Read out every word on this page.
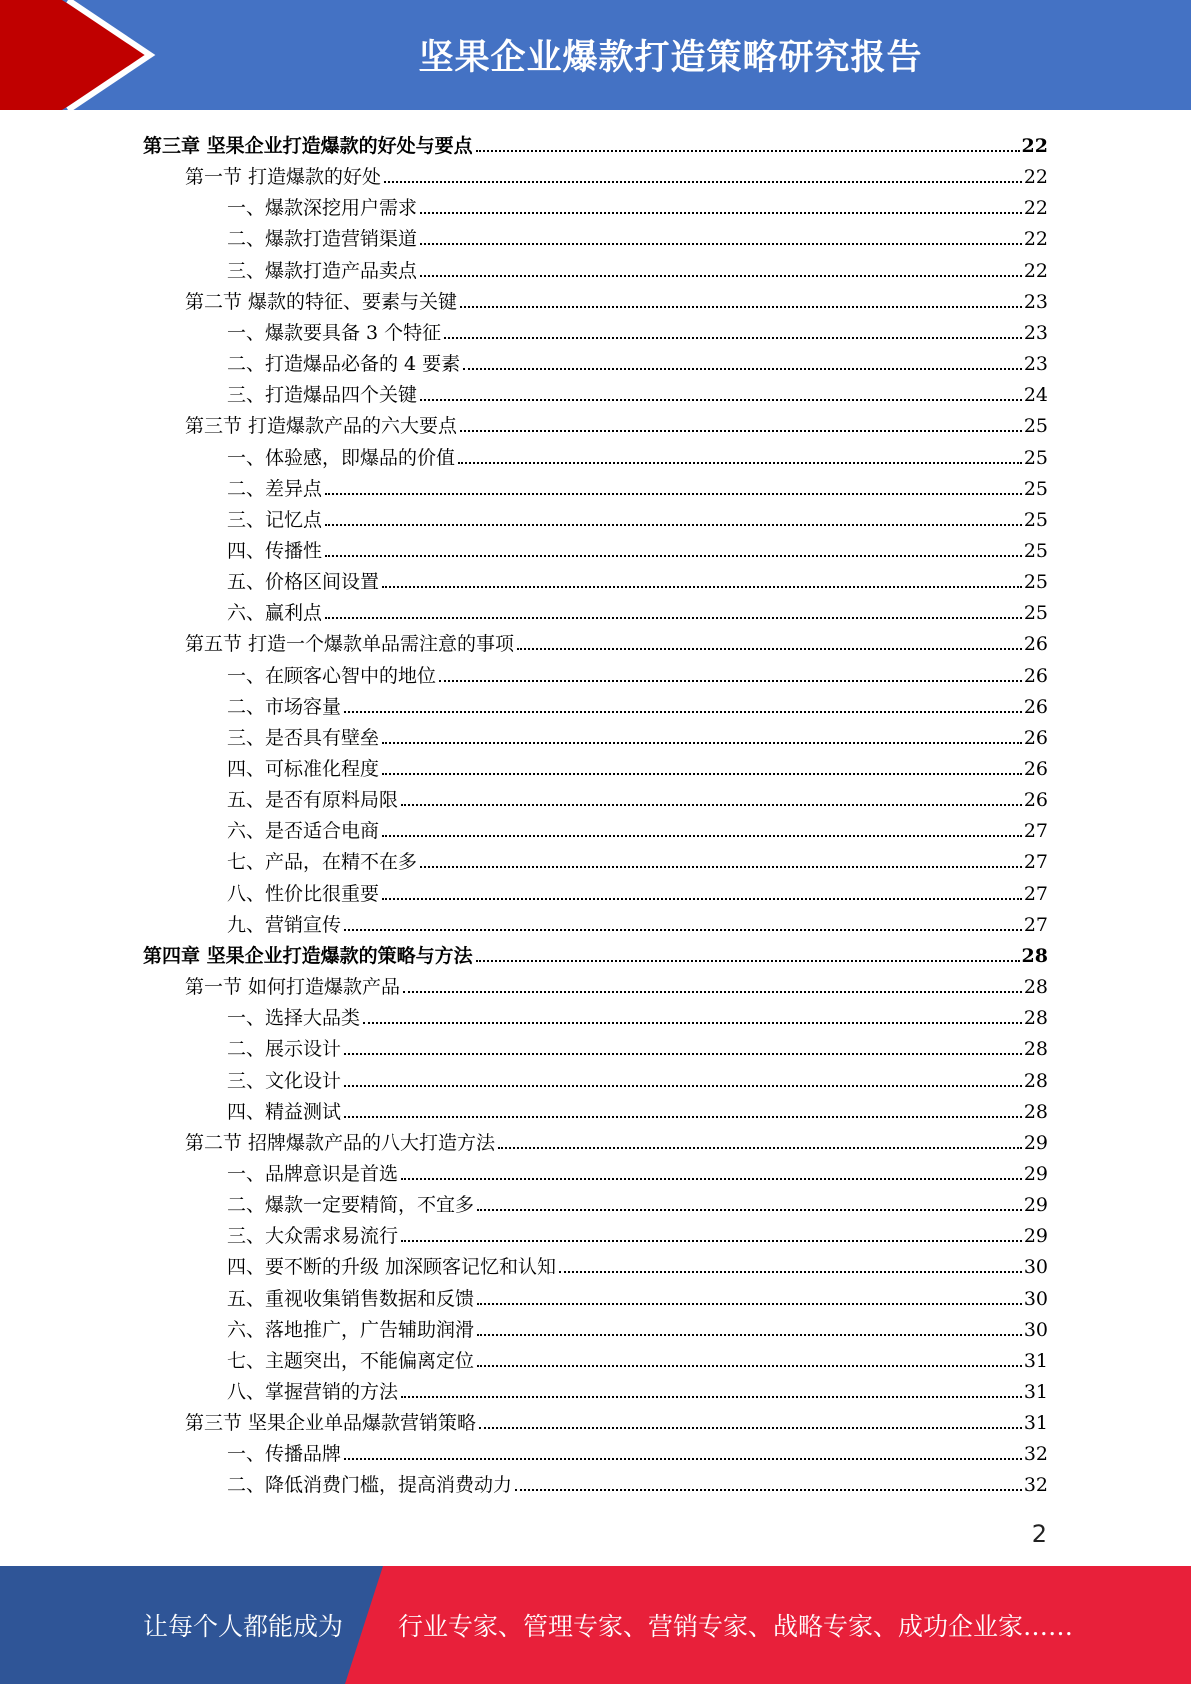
坚果企业爆款打造策略研究报告
第三章 坚果企业打造爆款的好处与要点	22
第一节 打造爆款的好处	22
一、爆款深挖用户需求	22
二、爆款打造营销渠道	22
三、爆款打造产品卖点	22
第二节 爆款的特征、要素与关键	23
一、爆款要具备 3 个特征	23
二、打造爆品必备的 4 要素	23
三、打造爆品四个关键	24
第三节 打造爆款产品的六大要点	25
一、体验感，即爆品的价值	25
二、差异点	25
三、记忆点	25
四、传播性	25
五、价格区间设置	25
六、赢利点	25
第五节 打造一个爆款单品需注意的事项	26
一、在顾客心智中的地位	26
二、市场容量	26
三、是否具有壁垒	26
四、可标准化程度	26
五、是否有原料局限	26
六、是否适合电商	27
七、产品，在精不在多	27
八、性价比很重要	27
九、营销宣传	27
第四章 坚果企业打造爆款的策略与方法	28
第一节 如何打造爆款产品	28
一、选择大品类	28
二、展示设计	28
三、文化设计	28
四、精益测试	28
第二节 招牌爆款产品的八大打造方法	29
一、品牌意识是首选	29
二、爆款一定要精简，不宜多	29
三、大众需求易流行	29
四、要不断的升级 加深顾客记忆和认知	30
五、重视收集销售数据和反馈	30
六、落地推广，广告辅助润滑	30
七、主题突出，不能偏离定位	31
八、掌握营销的方法	31
第三节 坚果企业单品爆款营销策略	31
一、传播品牌	32
二、降低消费门槛，提高消费动力	32
2
让每个人都能成为 行业专家、管理专家、营销专家、战略专家、成功企业家……
